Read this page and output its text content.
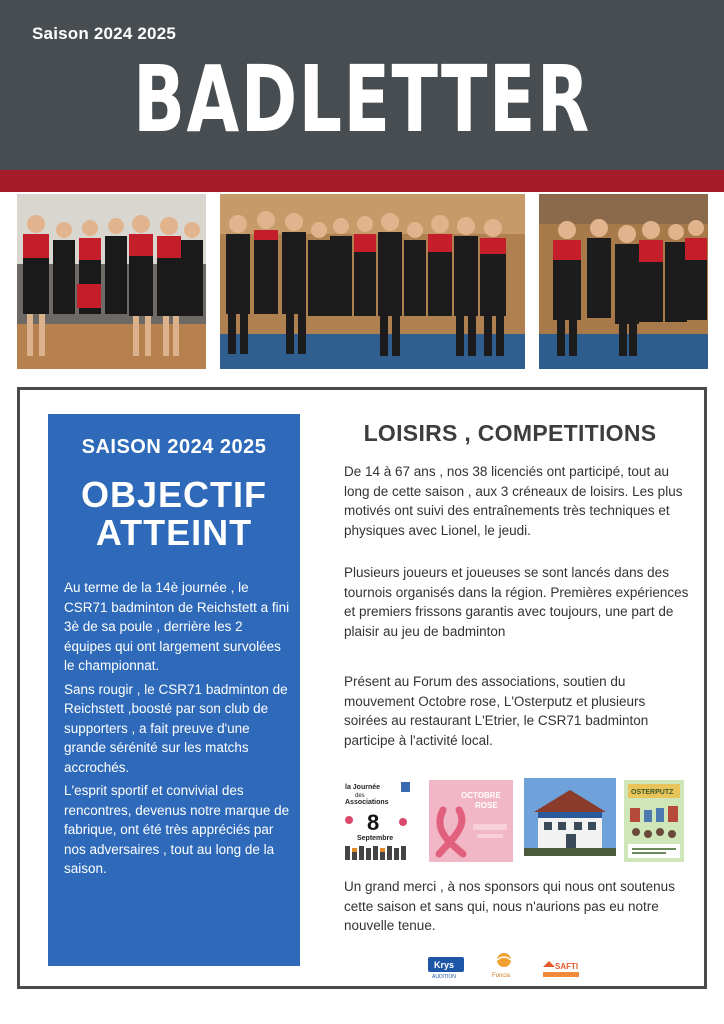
Saison 2024 2025
BADLETTER
SAISON 2024 2025
OBJECTIF
ATTEINT

Au terme de la 14è journée , le CSR71 badminton de Reichstett a fini 3è de sa poule , derrière les 2 équipes qui ont largement survolées le championnat.

Sans rougir , le CSR71 badminton de Reichstett ,boosté par son club de supporters , a fait preuve d'une grande sérénité sur les matchs accrochés.

L'esprit sportif et convivial des rencontres, devenus notre marque de fabrique, ont été très appréciés par nos adversaires , tout au long de la saison.

LOISIRS , COMPETITIONS
De 14 à 67 ans , nos 38 licenciés ont participé, tout au long de cette saison , aux 3 créneaux de loisirs. Les plus motivés ont suivi des entraînements très techniques et physiques avec Lionel, le jeudi.
Plusieurs joueurs et joueuses se sont lancés dans des tournois organisés dans la région. Premières expériences et premiers frissons garantis avec toujours, une part de plaisir au jeu de badminton
Présent au Forum des associations, soutien du mouvement Octobre rose, L'Osterputz et plusieurs soirées au restaurant L'Etrier, le CSR71 badminton participe à l'activité local.
la Journée
des
Associations
8
Septembre
OCTOBRE
ROSE
OSTERPUTZ
Un grand merci , à nos sponsors qui nous ont soutenus cette saison et sans qui, nous n'aurions pas eu notre nouvelle tenue.
Krys
AUDITION	Foncia
SAFTI
